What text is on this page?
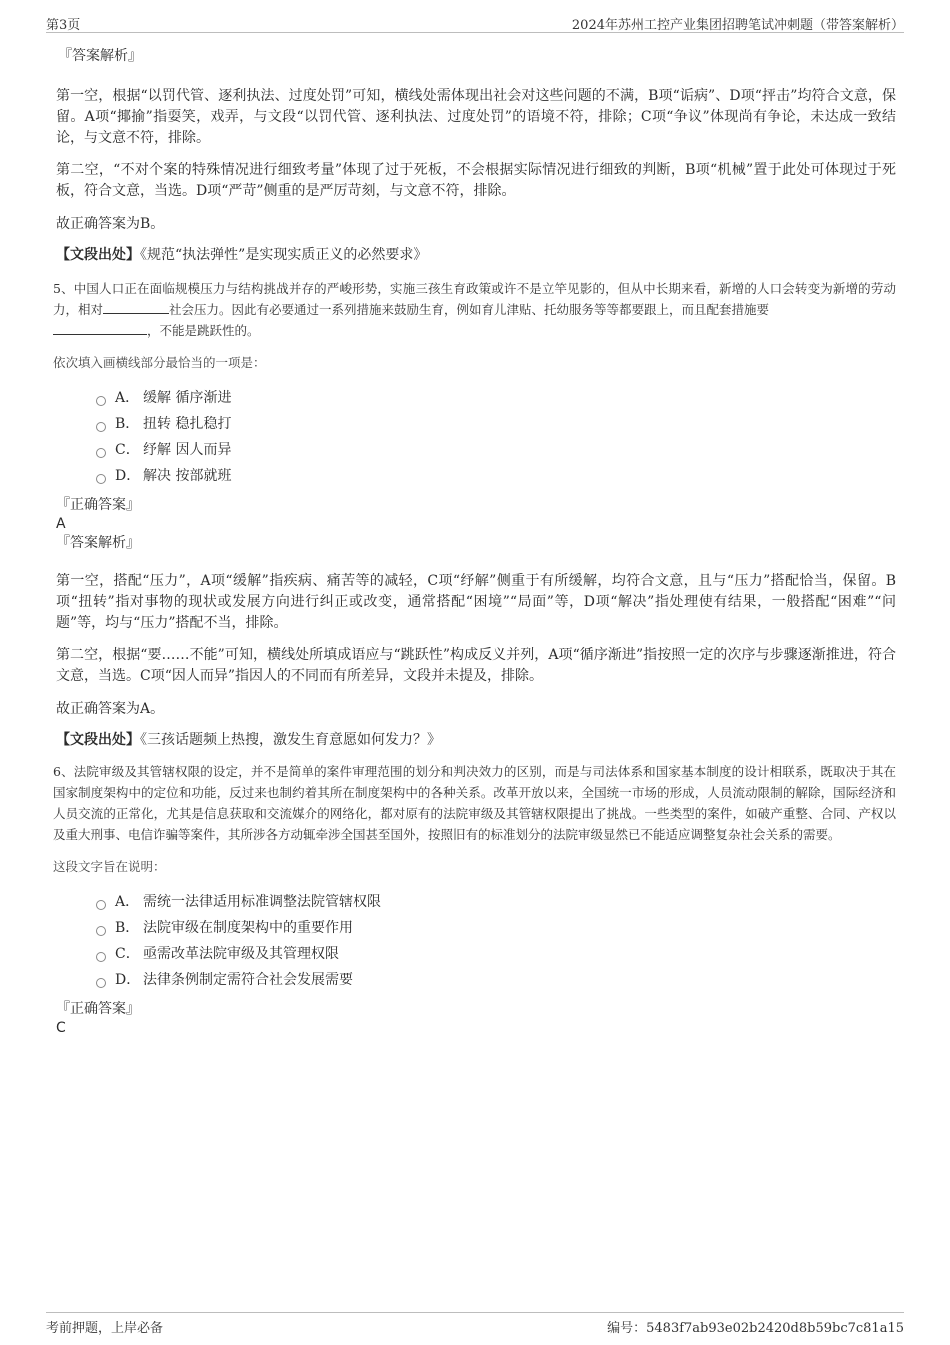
第3页	2024年苏州工控产业集团招聘笔试冲刺题（带答案解析）
『答案解析』

第一空，根据“以罚代管、逐利执法、过度处罚”可知，横线处需体现出社会对这些问题的不满，B项“诟病”、D项“抨击”均符合文意，保留。A项“揶揄”指耍笑，戏弄，与文段“以罚代管、逐利执法、过度处罚”的语境不符，排除；C项“争议”体现尚有争论，未达成一致结论，与文意不符，排除。

第二空，“不对个案的特殊情况进行细致考量”体现了过于死板，不会根据实际情况进行细致的判断，B项“机械”置于此处可体现过于死板，符合文意，当选。D项“严苛”侧重的是严厉苛刻，与文意不符，排除。

故正确答案为B。

【文段出处】《规范“执法弹性”是实现实质正义的必然要求》

5、中国人口正在面临规模压力与结构挑战并存的严峻形势，实施三孩生育政策或许不是立竿见影的，但从中长期来看，新增的人口会转变为新增的劳动力，相对	社会压力。因此有必要通过一系列措施来鼓励生育，例如育儿津贴、托幼服务等等都要跟上，而且配套措施要
，不能是跳跃性的。

依次填入画横线部分最恰当的一项是：
A． 缓解 循序渐进
B． 扭转 稳扎稳打
C． 纾解 因人而异
D． 解决 按部就班
『正确答案』
A
『答案解析』

第一空，搭配“压力”，A项“缓解”指疾病、痛苦等的减轻，C项“纾解”侧重于有所缓解，均符合文意，且与“压力”搭配恰当，保留。B项“扭转”指对事物的现状或发展方向进行纠正或改变，通常搭配“困境”“局面”等，D项“解决”指处理使有结果，一般搭配“困难”“问题”等，均与“压力”搭配不当，排除。

第二空，根据“要……不能”可知，横线处所填成语应与“跳跃性”构成反义并列，A项“循序渐进”指按照一定的次序与步骤逐渐推进，符合文意，当选。C项“因人而异”指因人的不同而有所差异，文段并未提及，排除。

故正确答案为A。

【文段出处】《三孩话题频上热搜，激发生育意愿如何发力？》

6、法院审级及其管辖权限的设定，并不是简单的案件审理范围的划分和判决效力的区别，而是与司法体系和国家基本制度的设计相联系，既取决于其在国家制度架构中的定位和功能，反过来也制约着其所在制度架构中的各种关系。改革开放以来，全国统一市场的形成，人员流动限制的解除，国际经济和人员交流的正常化，尤其是信息获取和交流媒介的网络化，都对原有的法院审级及其管辖权限提出了挑战。一些类型的案件，如破产重整、合同、产权以及重大刑事、电信诈骗等案件，其所涉各方动辄牵涉全国甚至国外，按照旧有的标准划分的法院审级显然已不能适应调整复杂社会关系的需要。

这段文字旨在说明：
A． 需统一法律适用标准调整法院管辖权限
B． 法院审级在制度架构中的重要作用
C． 亟需改革法院审级及其管理权限
D． 法律条例制定需符合社会发展需要
『正确答案』
C
考前押题，上岸必备	编号：5483f7ab93e02b2420d8b59bc7c81a15
